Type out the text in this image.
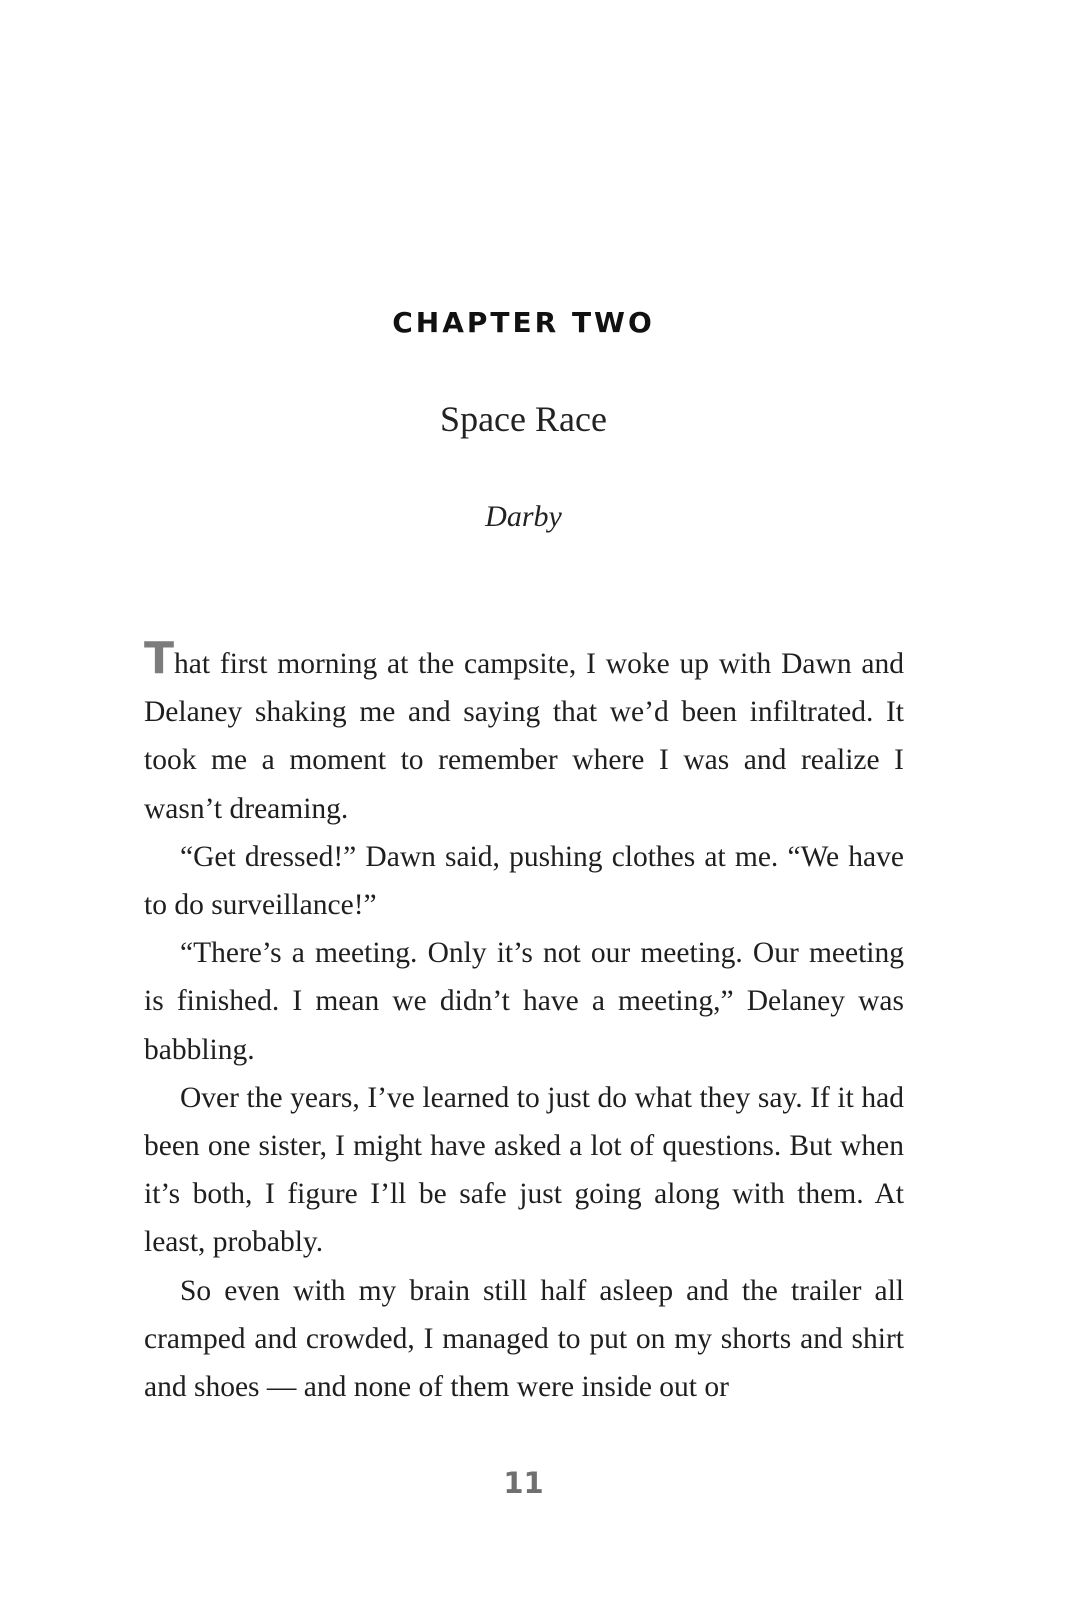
CHAPTER TWO
Space Race
Darby

That first morning at the campsite, I woke up with Dawn and Delaney shaking me and saying that we’d been infiltrated. It took me a moment to remember where I was and realize I wasn’t dreaming.

“Get dressed!” Dawn said, pushing clothes at me. “We have to do surveillance!”

“There’s a meeting. Only it’s not our meeting. Our meeting is finished. I mean we didn’t have a meeting,” Delaney was babbling.

Over the years, I’ve learned to just do what they say. If it had been one sister, I might have asked a lot of questions. But when it’s both, I figure I’ll be safe just going along with them. At least, probably.

So even with my brain still half asleep and the trailer all cramped and crowded, I managed to put on my shorts and shirt and shoes — and none of them were inside out or

11
